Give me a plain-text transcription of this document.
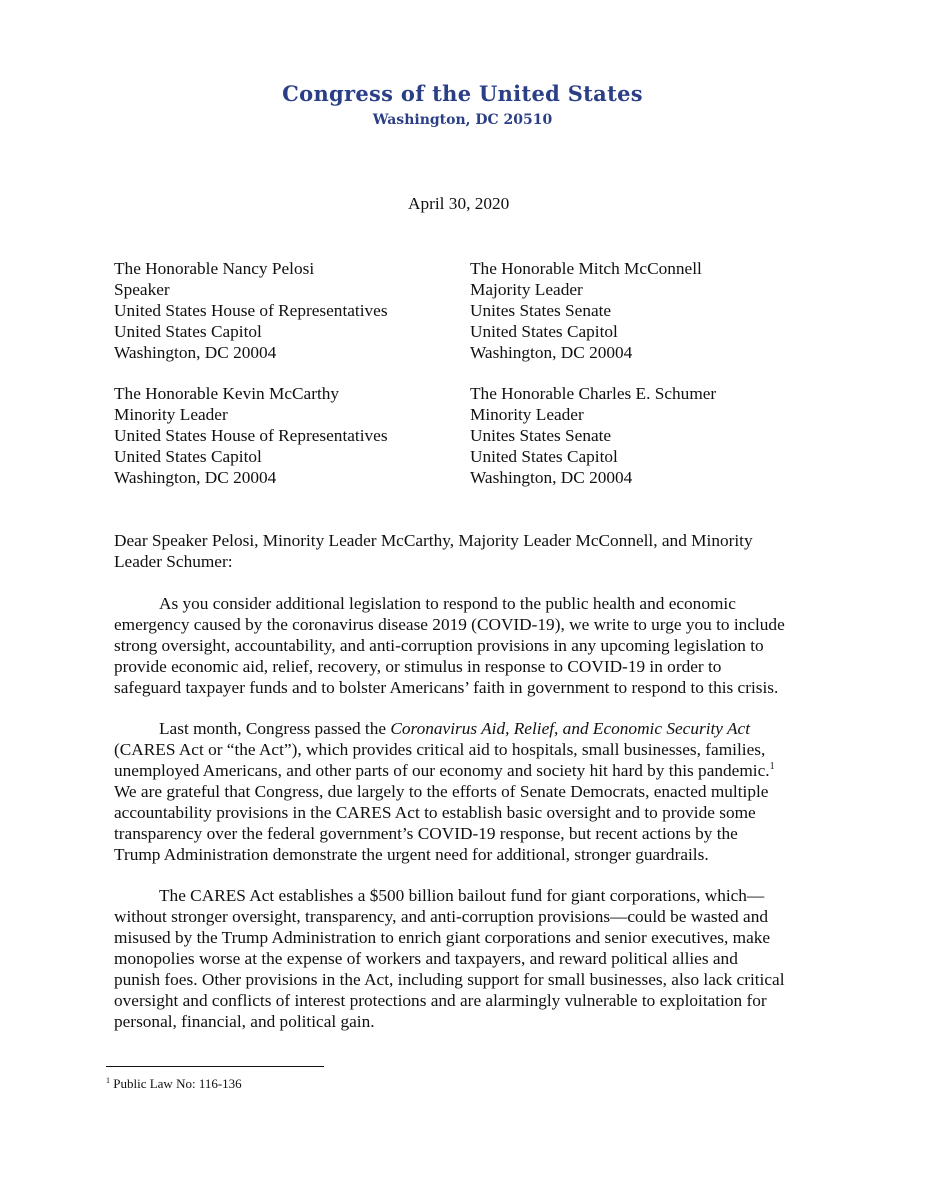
Congress of the United States
Washington, DC 20510
April 30, 2020
The Honorable Nancy Pelosi
Speaker
United States House of Representatives
United States Capitol
Washington, DC 20004
The Honorable Mitch McConnell
Majority Leader
Unites States Senate
United States Capitol
Washington, DC 20004
The Honorable Kevin McCarthy
Minority Leader
United States House of Representatives
United States Capitol
Washington, DC 20004
The Honorable Charles E. Schumer
Minority Leader
Unites States Senate
United States Capitol
Washington, DC 20004
Dear Speaker Pelosi, Minority Leader McCarthy, Majority Leader McConnell, and Minority
Leader Schumer:
As you consider additional legislation to respond to the public health and economic
emergency caused by the coronavirus disease 2019 (COVID-19), we write to urge you to include
strong oversight, accountability, and anti-corruption provisions in any upcoming legislation to
provide economic aid, relief, recovery, or stimulus in response to COVID-19 in order to
safeguard taxpayer funds and to bolster Americans’ faith in government to respond to this crisis.
Last month, Congress passed the Coronavirus Aid, Relief, and Economic Security Act
(CARES Act or “the Act”), which provides critical aid to hospitals, small businesses, families,
unemployed Americans, and other parts of our economy and society hit hard by this pandemic.$^1$
We are grateful that Congress, due largely to the efforts of Senate Democrats, enacted multiple
accountability provisions in the CARES Act to establish basic oversight and to provide some
transparency over the federal government’s COVID-19 response, but recent actions by the
Trump Administration demonstrate the urgent need for additional, stronger guardrails.
The CARES Act establishes a $500 billion bailout fund for giant corporations, which—
without stronger oversight, transparency, and anti-corruption provisions—could be wasted and
misused by the Trump Administration to enrich giant corporations and senior executives, make
monopolies worse at the expense of workers and taxpayers, and reward political allies and
punish foes. Other provisions in the Act, including support for small businesses, also lack critical
oversight and conflicts of interest protections and are alarmingly vulnerable to exploitation for
personal, financial, and political gain.
$^1$ Public Law No: 116-136
